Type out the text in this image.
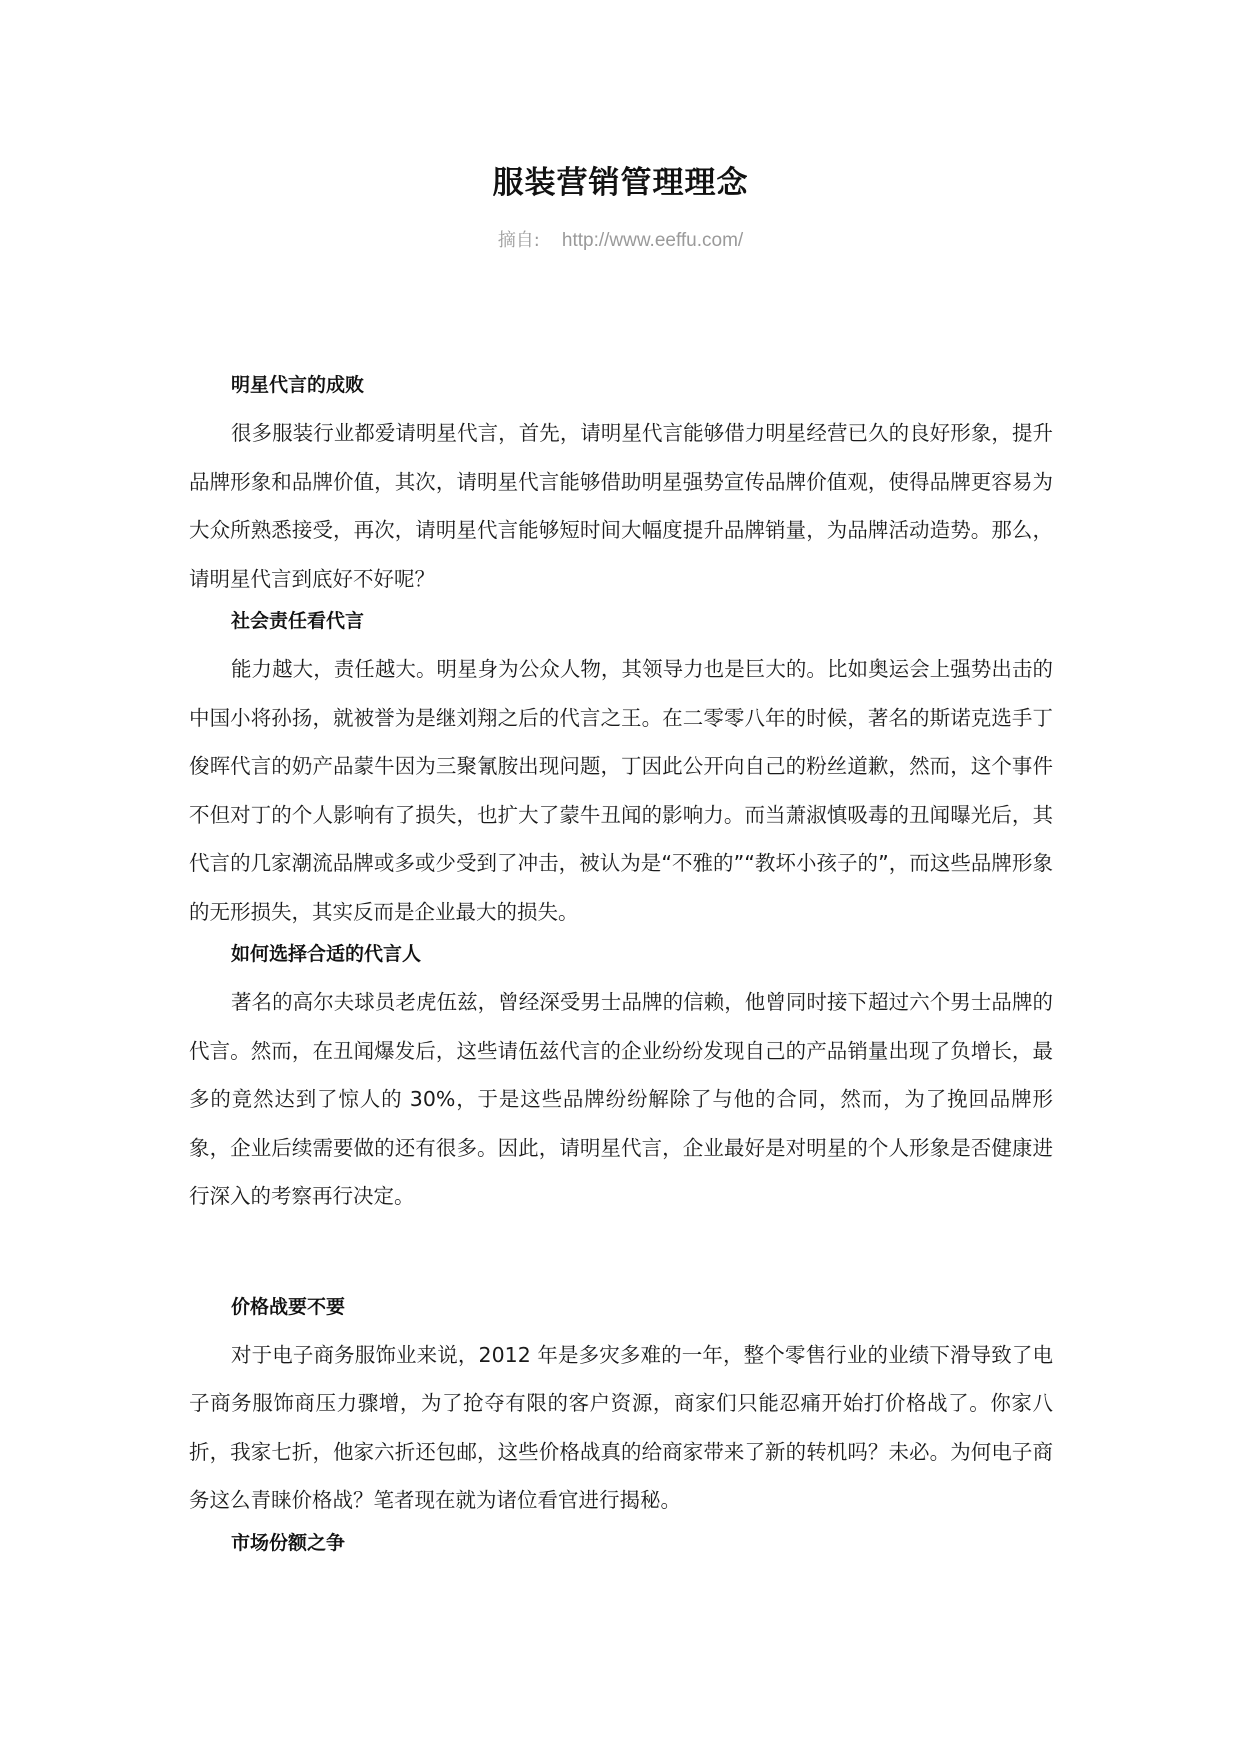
服装营销管理理念
摘自: http://www.eeffu.com/
明星代言的成败

很多服装行业都爱请明星代言，首先，请明星代言能够借力明星经营已久的良好形象，提升品牌形象和品牌价值，其次，请明星代言能够借助明星强势宣传品牌价值观，使得品牌更容易为大众所熟悉接受，再次，请明星代言能够短时间大幅度提升品牌销量，为品牌活动造势。那么，请明星代言到底好不好呢？

社会责任看代言

能力越大，责任越大。明星身为公众人物，其领导力也是巨大的。比如奥运会上强势出击的中国小将孙扬，就被誉为是继刘翔之后的代言之王。在二零零八年的时候，著名的斯诺克选手丁俊晖代言的奶产品蒙牛因为三聚氰胺出现问题，丁因此公开向自己的粉丝道歉，然而，这个事件不但对丁的个人影响有了损失，也扩大了蒙牛丑闻的影响力。而当萧淑慎吸毒的丑闻曝光后，其代言的几家潮流品牌或多或少受到了冲击，被认为是“不雅的”“教坏小孩子的”，而这些品牌形象的无形损失，其实反而是企业最大的损失。

如何选择合适的代言人

著名的高尔夫球员老虎伍兹，曾经深受男士品牌的信赖，他曾同时接下超过六个男士品牌的代言。然而，在丑闻爆发后，这些请伍兹代言的企业纷纷发现自己的产品销量出现了负增长，最多的竟然达到了惊人的 30%，于是这些品牌纷纷解除了与他的合同，然而，为了挽回品牌形象，企业后续需要做的还有很多。因此，请明星代言，企业最好是对明星的个人形象是否健康进行深入的考察再行决定。

价格战要不要

对于电子商务服饰业来说，2012 年是多灾多难的一年，整个零售行业的业绩下滑导致了电子商务服饰商压力骤增，为了抢夺有限的客户资源，商家们只能忍痛开始打价格战了。你家八折，我家七折，他家六折还包邮，这些价格战真的给商家带来了新的转机吗？未必。为何电子商务这么青睐价格战？笔者现在就为诸位看官进行揭秘。

市场份额之争
